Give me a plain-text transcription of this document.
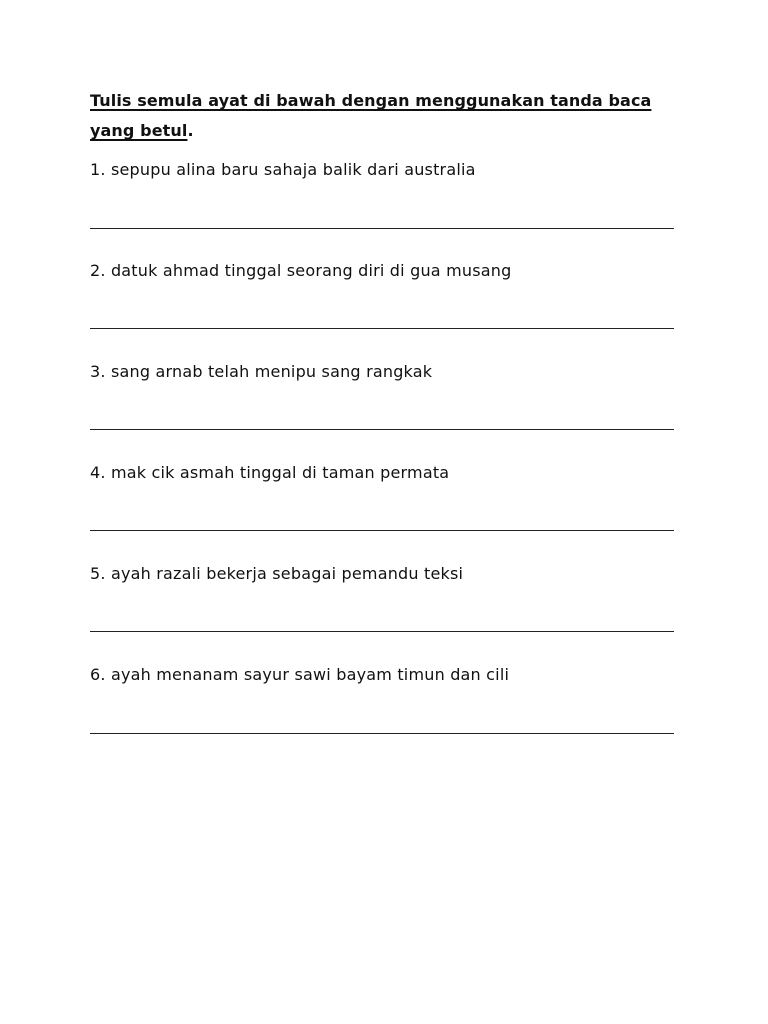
Tulis semula ayat di bawah dengan menggunakan tanda baca yang betul.

1. sepupu alina baru sahaja balik dari australia

2. datuk ahmad tinggal seorang diri di gua musang

3. sang arnab telah menipu sang rangkak

4. mak cik asmah tinggal di taman permata

5. ayah razali bekerja sebagai pemandu teksi

6. ayah menanam sayur sawi bayam timun dan cili
